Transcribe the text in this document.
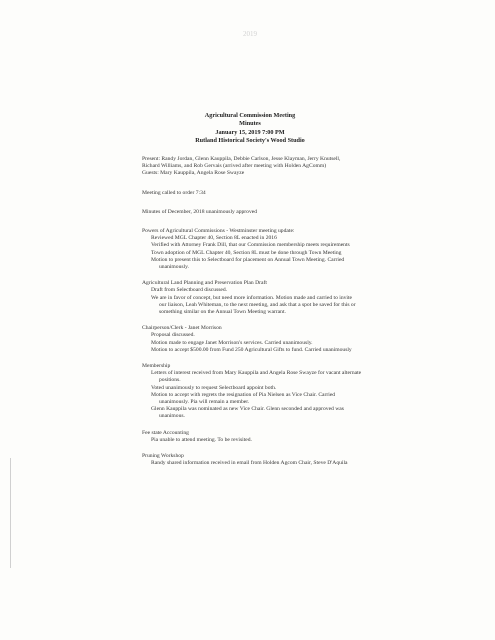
2019
Agricultural Commission Meeting
Minutes
January 15, 2019 7:00 PM
Rutland Historical Society's Wood Studio

Present: Randy Jordan, Glenn Kauppila, Debbie Carlson, Jesse Klayman, Jerry Knutsell,

Richard Williams, and Rob Gervais (arrived after meeting with Holden AgComm)

Guests: Mary Kauppila, Angela Rose Swayze

Meeting called to order 7:34

Minutes of December, 2018 unanimously approved

Powers of Agricultural Commissions - Westminster meeting update:

Reviewed MGL Chapter 40, Section 8L enacted in 2016

Verified with Attorney Frank Dill, that our Commission membership meets requirements

Town adoption of MGL Chapter 40, Section 8L must be done through Town Meeting

Motion to present this to Selectboard for placement on Annual Town Meeting. Carried

unanimously.

Agricultural Land Planning and Preservation Plan Draft

Draft from Selectboard discussed.

We are in favor of concept, but need more information. Motion made and carried to invite

our liaison, Leah Whiteman, to the next meeting, and ask that a spot be saved for this or

something similar on the Annual Town Meeting warrant.

Chairperson/Clerk - Janet Morrison

Proposal discussed.

Motion made to engage Janet Morrison's services. Carried unanimously.

Motion to accept $500.00 from Fund 250 Agricultural Gifts to fund. Carried unanimously

Membership

Letters of interest received from Mary Kauppila and Angela Rose Swayze for vacant alternate

positions.

Voted unanimously to request Selectboard appoint both.

Motion to accept with regrets the resignation of Pia Nielsen as Vice Chair. Carried

unanimously. Pia will remain a member.

Glenn Kauppila was nominated as new Vice Chair. Glenn seconded and approved was

unanimous.

Fee state Accounting

Pia unable to attend meeting. To be revisited.

Pruning Workshop

Randy shared information received in email from Holden Agcom Chair, Steve D'Aquila
